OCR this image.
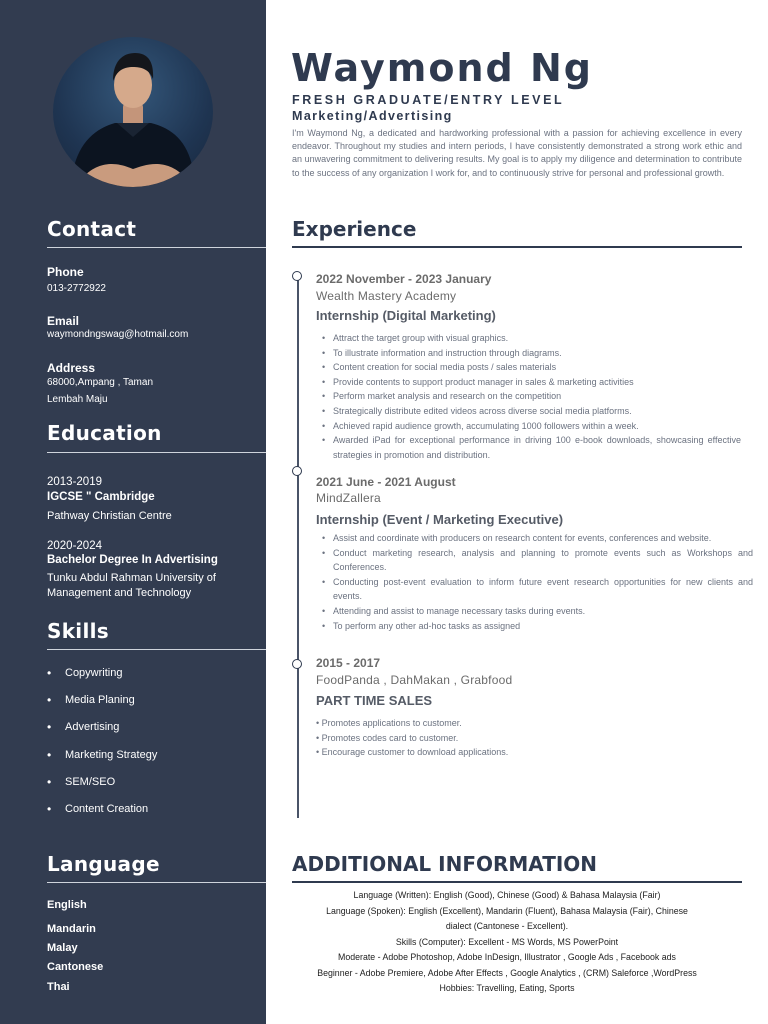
Contact
Phone
013-2772922
Email
waymondngswag@hotmail.com
Address
68000,Ampang , Taman
Lembah Maju
Education
2013-2019
IGCSE " Cambridge
Pathway Christian Centre
2020-2024
Bachelor Degree In Advertising
Tunku Abdul Rahman University of Management and Technology
Skills
• Copywriting
• Media Planing
• Advertising
• Marketing Strategy
• SEM/SEO
• Content Creation
Language
English
Mandarin
Malay
Cantonese
Thai
Waymond Ng
FRESH GRADUATE/ENTRY LEVEL
Marketing/Advertising

I'm Waymond Ng, a dedicated and hardworking professional with a passion for achieving excellence in every endeavor. Throughout my studies and intern periods, I have consistently demonstrated a strong work ethic and an unwavering commitment to delivering results. My goal is to apply my diligence and determination to contribute to the success of any organization I work for, and to continuously strive for personal and professional growth.

Experience
2022 November - 2023 January
Wealth Mastery Academy
Internship (Digital Marketing)
• Attract the target group with visual graphics.
• To illustrate information and instruction through diagrams.
• Content creation for social media posts / sales materials
• Provide contents to support product manager in sales & marketing activities
• Perform market analysis and research on the competition
• Strategically distribute edited videos across diverse social media platforms.
• Achieved rapid audience growth, accumulating 1000 followers within a week.
• Awarded iPad for exceptional performance in driving 100 e-book downloads, showcasing effective strategies in promotion and distribution.
2021 June - 2021 August
MindZallera
Internship (Event / Marketing Executive)
• Assist and coordinate with producers on research content for events, conferences and website.
• Conduct marketing research, analysis and planning to promote events such as Workshops and Conferences.
• Conducting post-event evaluation to inform future event research opportunities for new clients and events.
• Attending and assist to manage necessary tasks during events.
• To perform any other ad-hoc tasks as assigned
2015 - 2017
FoodPanda , DahMakan , Grabfood
PART TIME SALES
• Promotes applications to customer.
• Promotes codes card to customer.
• Encourage customer to download applications.
ADDITIONAL INFORMATION
Language (Written): English (Good), Chinese (Good) & Bahasa Malaysia (Fair)
Language (Spoken): English (Excellent), Mandarin (Fluent), Bahasa Malaysia (Fair), Chinese
dialect (Cantonese - Excellent).
Skills (Computer): Excellent - MS Words, MS PowerPoint
Moderate - Adobe Photoshop, Adobe InDesign, Illustrator , Google Ads , Facebook ads
Beginner - Adobe Premiere, Adobe After Effects , Google Analytics , (CRM) Saleforce ,WordPress
Hobbies: Travelling, Eating, Sports
